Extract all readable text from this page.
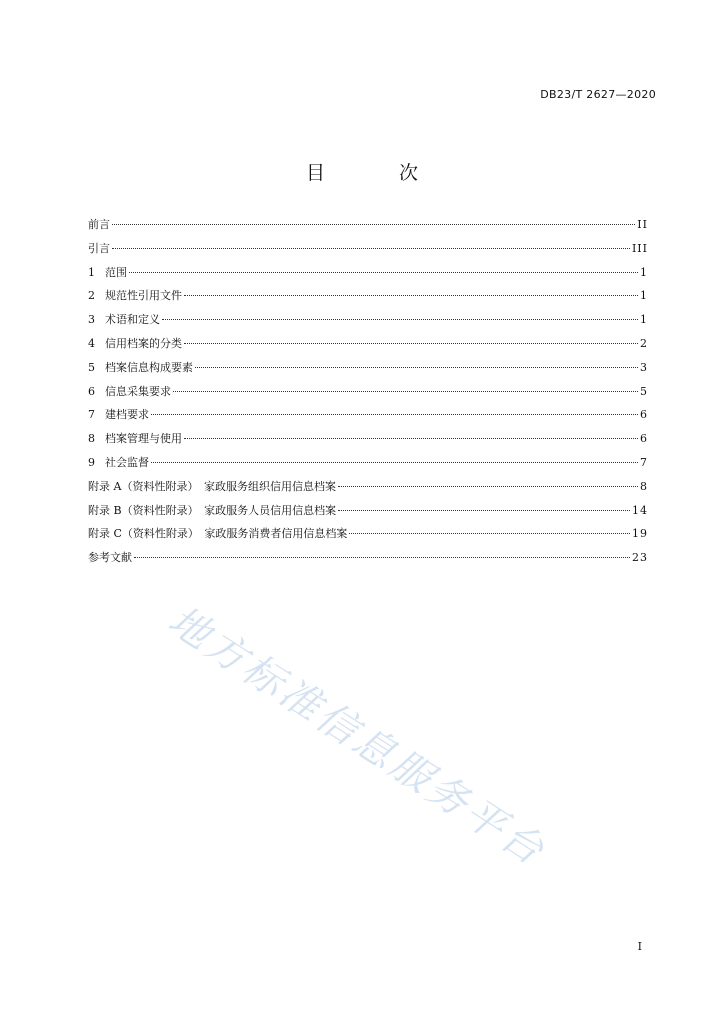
DB23/T 2627—2020
目 次
前言	II
引言	III
1 范围	1
2 规范性引用文件	1
3 术语和定义	1
4 信用档案的分类	2
5 档案信息构成要素	3
6 信息采集要求	5
7 建档要求	6
8 档案管理与使用	6
9 社会监督	7
附录 A（资料性附录）　家政服务组织信用信息档案	8
附录 B（资料性附录）　家政服务人员信用信息档案	14
附录 C（资料性附录）　家政服务消费者信用信息档案	19
参考文献	23
地方标准信息服务平台
I
